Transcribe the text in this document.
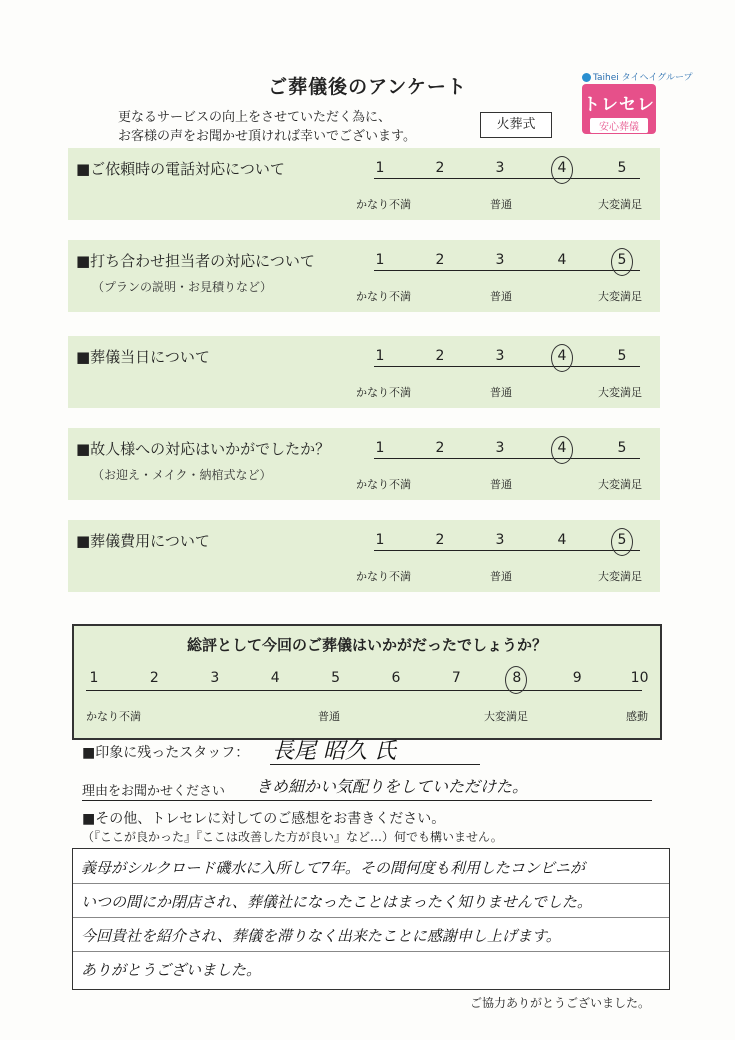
ご葬儀後のアンケート
更なるサービスの向上をさせていただく為に、
お客様の声をお聞かせ頂ければ幸いでございます。
火葬式
Taihei タイヘイグループ
トレセレ
安心葬儀
■ご依頼時の電話対応について	1	2	3	4	5
かなり不満	普通	大変満足
■打ち合わせ担当者の対応について
（プランの説明・お見積りなど）
1	2	3	4	5
かなり不満	普通	大変満足
■葬儀当日について	1	2	3	4	5
かなり不満	普通	大変満足
■故人様への対応はいかがでしたか？
（お迎え・メイク・納棺式など）
1	2	3	4	5
かなり不満	普通	大変満足
■葬儀費用について	1	2	3	4	5
かなり不満	普通	大変満足
総評として今回のご葬儀はいかがだったでしょうか？
1	2	3	4	5	6	7	8	9	10
かなり不満	普通	大変満足	感動
■印象に残ったスタッフ： 長尾 昭久 氏
理由をお聞かせください きめ細かい気配りをしていただけた。
■その他、トレセレに対してのご感想をお書きください。
（『ここが良かった』『ここは改善した方が良い』など…）何でも構いません。
義母がシルクロード磯水に入所して7年。その間何度も利用したコンビニが
いつの間にか閉店され、葬儀社になったことはまったく知りませんでした。
今回貴社を紹介され、葬儀を滞りなく出来たことに感謝申し上げます。
ありがとうございました。
ご協力ありがとうございました。
